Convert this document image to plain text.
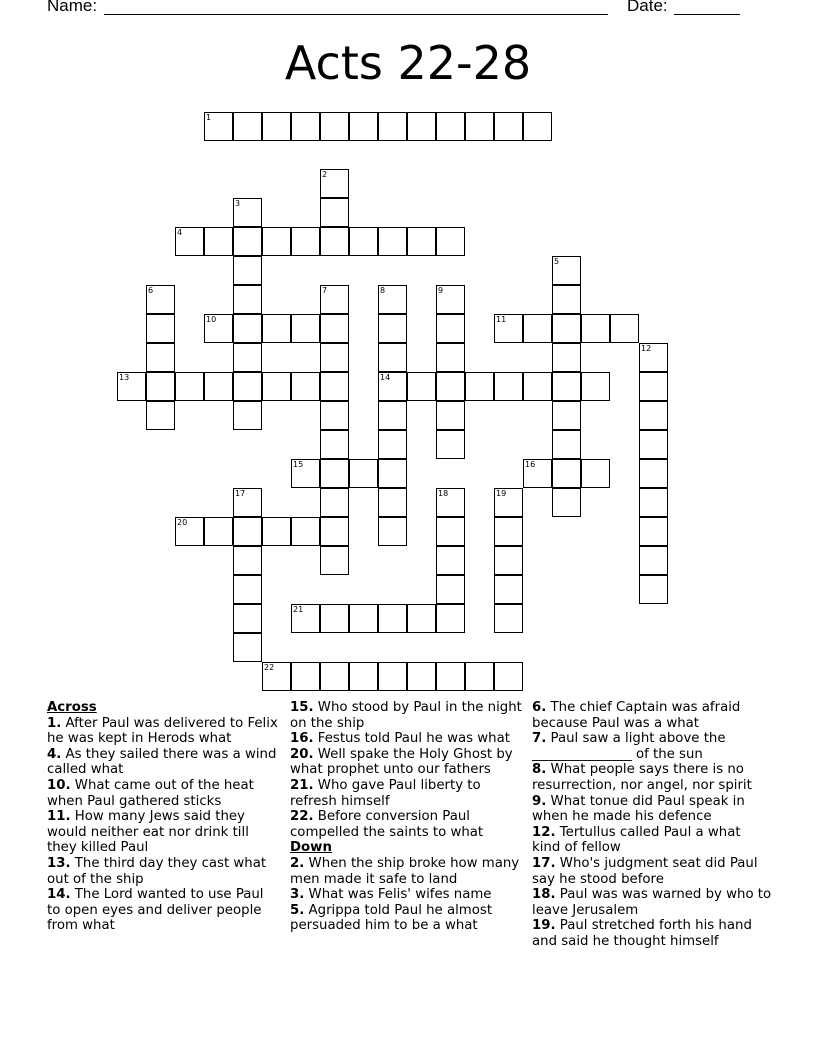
Name:	Date:
Acts 22-28
1
2
3
4
5
6	7	8	9
10	11
12
13	14
15	16
17	18	19
20
21
22

Across

1. After Paul was delivered to Felix he was kept in Herods what

4. As they sailed there was a wind called what

10. What came out of the heat when Paul gathered sticks

11. How many Jews said they would neither eat nor drink till they killed Paul

13. The third day they cast what out of the ship

14. The Lord wanted to use Paul to open eyes and deliver people from what

15. Who stood by Paul in the night on the ship

16. Festus told Paul he was what

20. Well spake the Holy Ghost by what prophet unto our fathers

21. Who gave Paul liberty to refresh himself

22. Before conversion Paul compelled the saints to what

Down

2. When the ship broke how many men made it safe to land

3. What was Felis' wifes name

5. Agrippa told Paul he almost persuaded him to be a what

6. The chief Captain was afraid because Paul was a what

7. Paul saw a light above the _______________ of the sun

8. What people says there is no resurrection, nor angel, nor spirit

9. What tonue did Paul speak in when he made his defence

12. Tertullus called Paul a what kind of fellow

17. Who's judgment seat did Paul say he stood before

18. Paul was was warned by who to leave Jerusalem

19. Paul stretched forth his hand and said he thought himself
